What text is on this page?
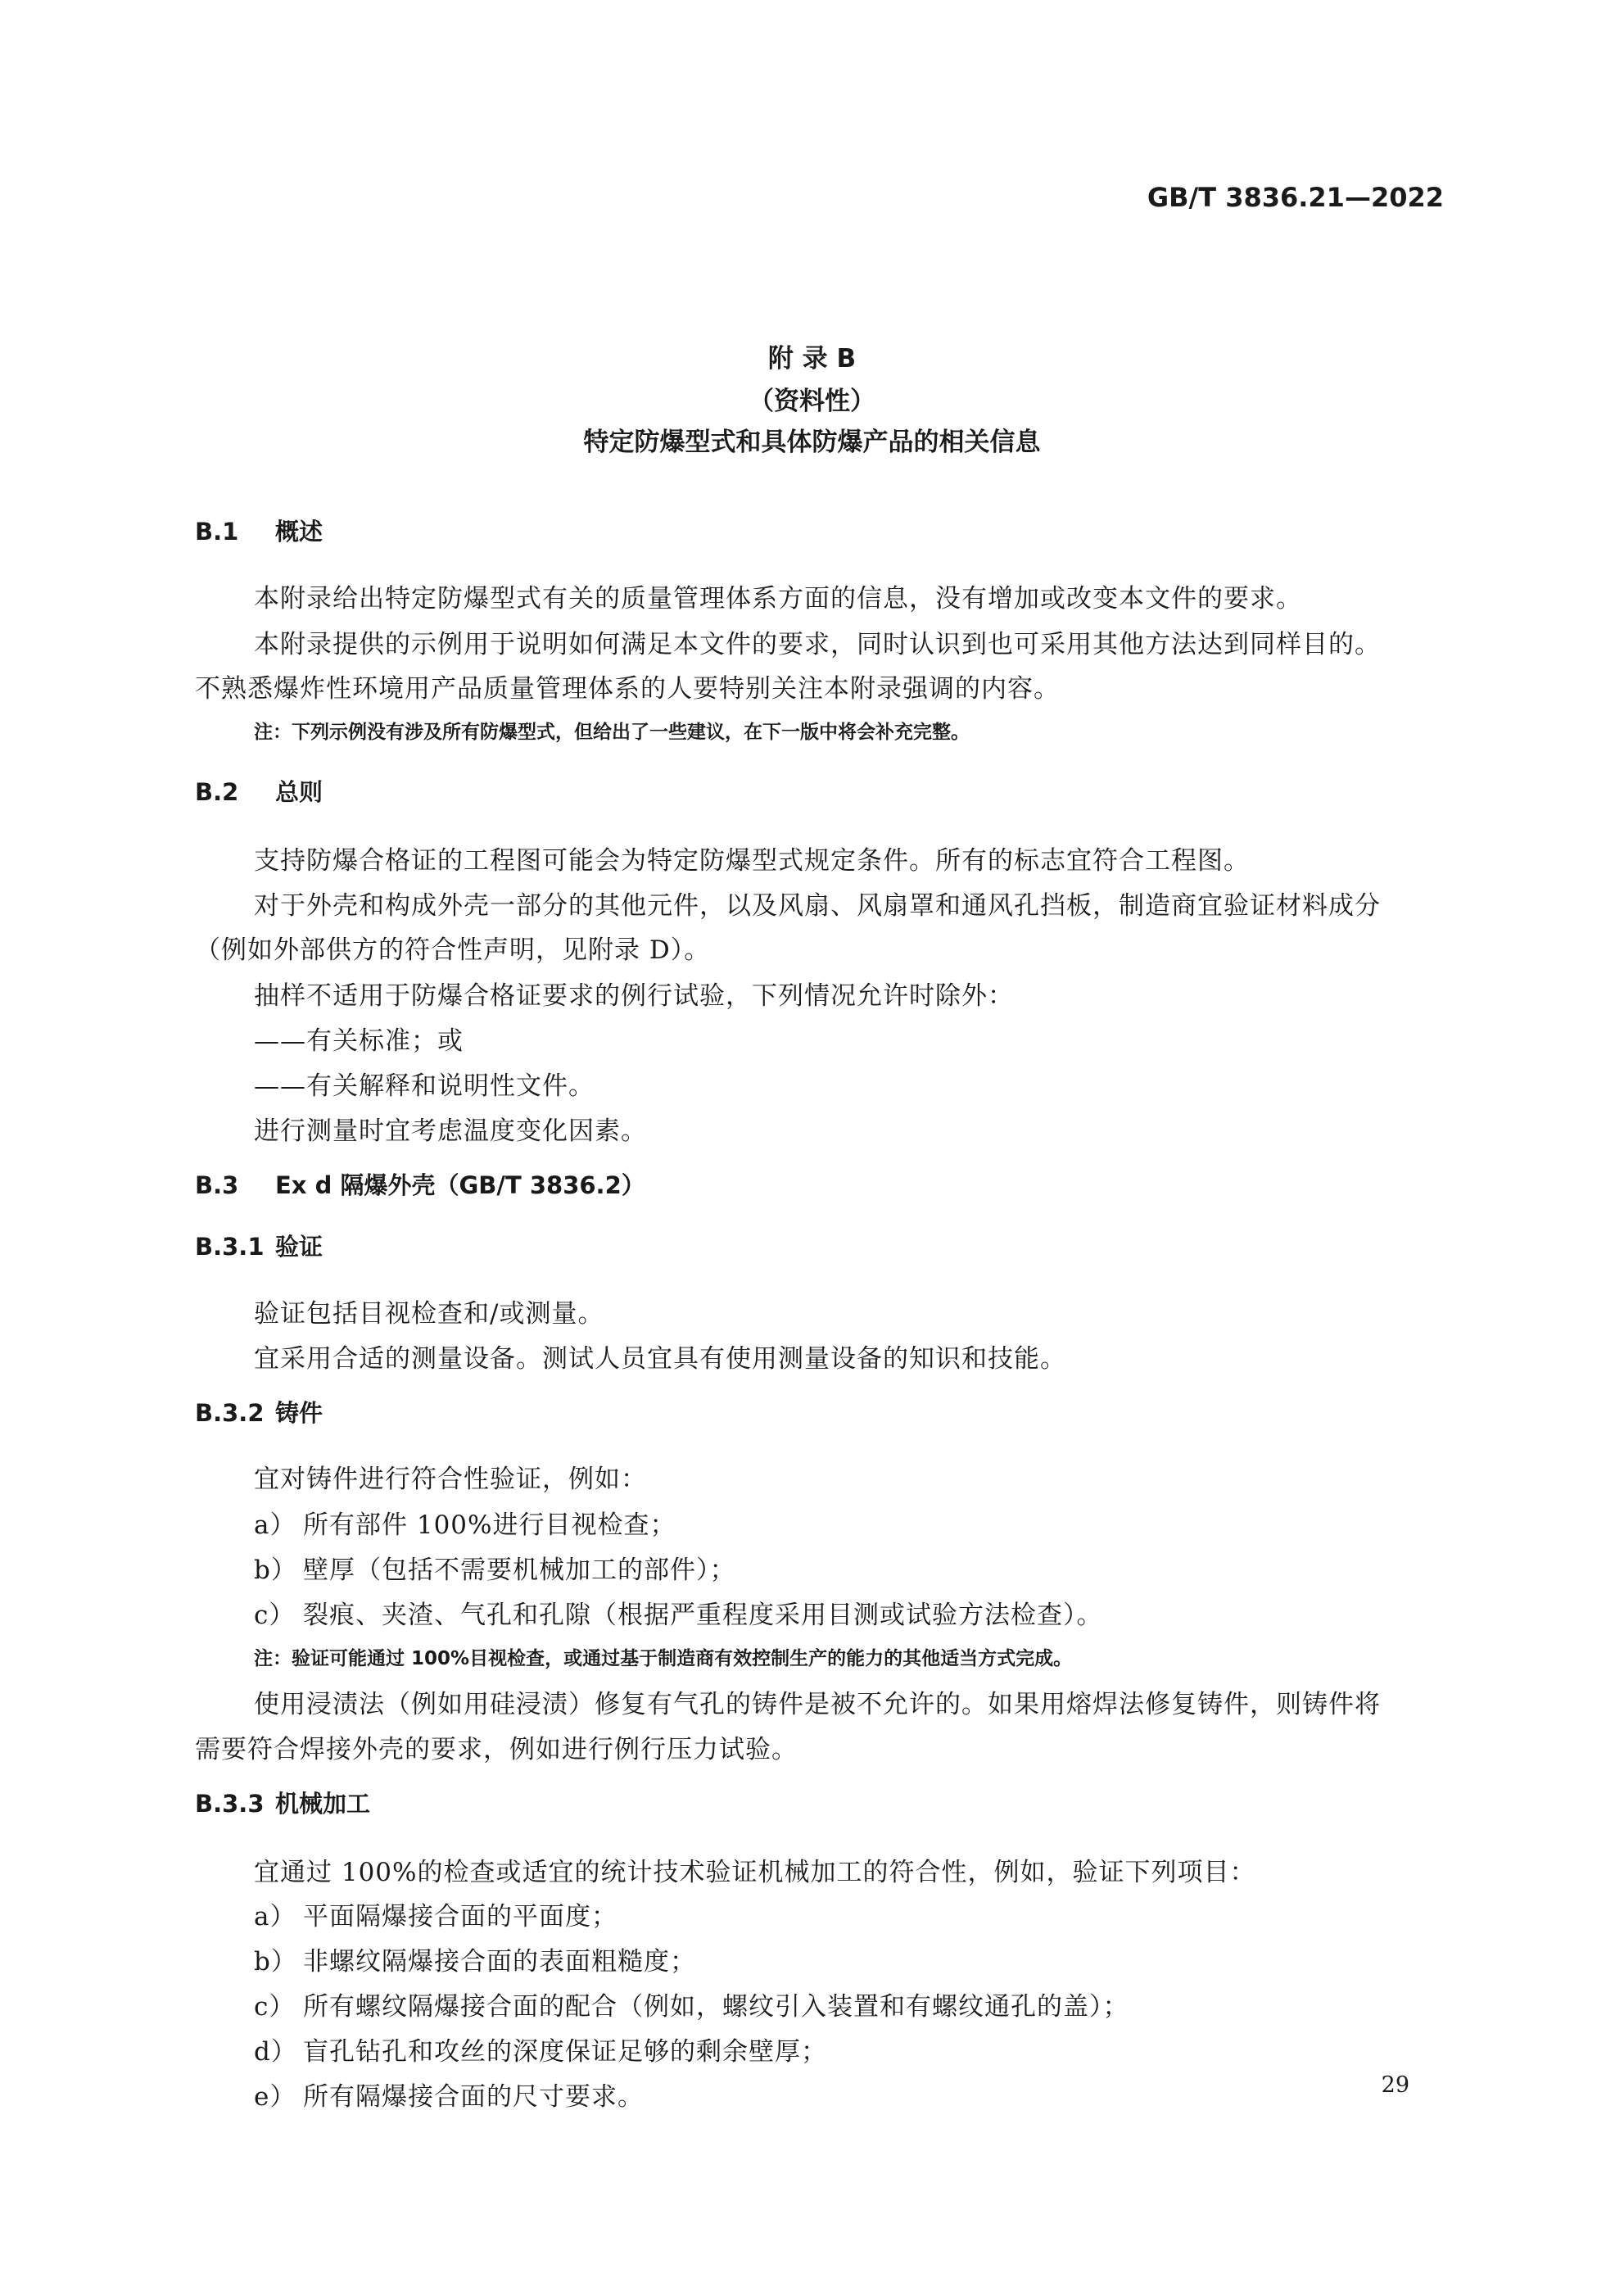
GB/T 3836.21—2022
附 录 B
（资料性）
特定防爆型式和具体防爆产品的相关信息
B.1 概述
本附录给出特定防爆型式有关的质量管理体系方面的信息，没有增加或改变本文件的要求。
本附录提供的示例用于说明如何满足本文件的要求，同时认识到也可采用其他方法达到同样目的。
不熟悉爆炸性环境用产品质量管理体系的人要特别关注本附录强调的内容。
注：下列示例没有涉及所有防爆型式，但给出了一些建议，在下一版中将会补充完整。
B.2 总则
支持防爆合格证的工程图可能会为特定防爆型式规定条件。所有的标志宜符合工程图。
对于外壳和构成外壳一部分的其他元件，以及风扇、风扇罩和通风孔挡板，制造商宜验证材料成分
（例如外部供方的符合性声明，见附录 D）。
抽样不适用于防爆合格证要求的例行试验，下列情况允许时除外：
——有关标准；或
——有关解释和说明性文件。
进行测量时宜考虑温度变化因素。
B.3 Ex d 隔爆外壳（GB/T 3836.2）
B.3.1 验证
验证包括目视检查和/或测量。
宜采用合适的测量设备。测试人员宜具有使用测量设备的知识和技能。
B.3.2 铸件
宜对铸件进行符合性验证，例如：
a） 所有部件 100%进行目视检查；
b） 壁厚（包括不需要机械加工的部件）；
c） 裂痕、夹渣、气孔和孔隙（根据严重程度采用目测或试验方法检查）。
注：验证可能通过 100%目视检查，或通过基于制造商有效控制生产的能力的其他适当方式完成。
使用浸渍法（例如用硅浸渍）修复有气孔的铸件是被不允许的。如果用熔焊法修复铸件，则铸件将
需要符合焊接外壳的要求，例如进行例行压力试验。
B.3.3 机械加工
宜通过 100%的检查或适宜的统计技术验证机械加工的符合性，例如，验证下列项目：
a） 平面隔爆接合面的平面度；
b） 非螺纹隔爆接合面的表面粗糙度；
c） 所有螺纹隔爆接合面的配合（例如，螺纹引入装置和有螺纹通孔的盖）；
d） 盲孔钻孔和攻丝的深度保证足够的剩余壁厚；
e） 所有隔爆接合面的尺寸要求。	29
